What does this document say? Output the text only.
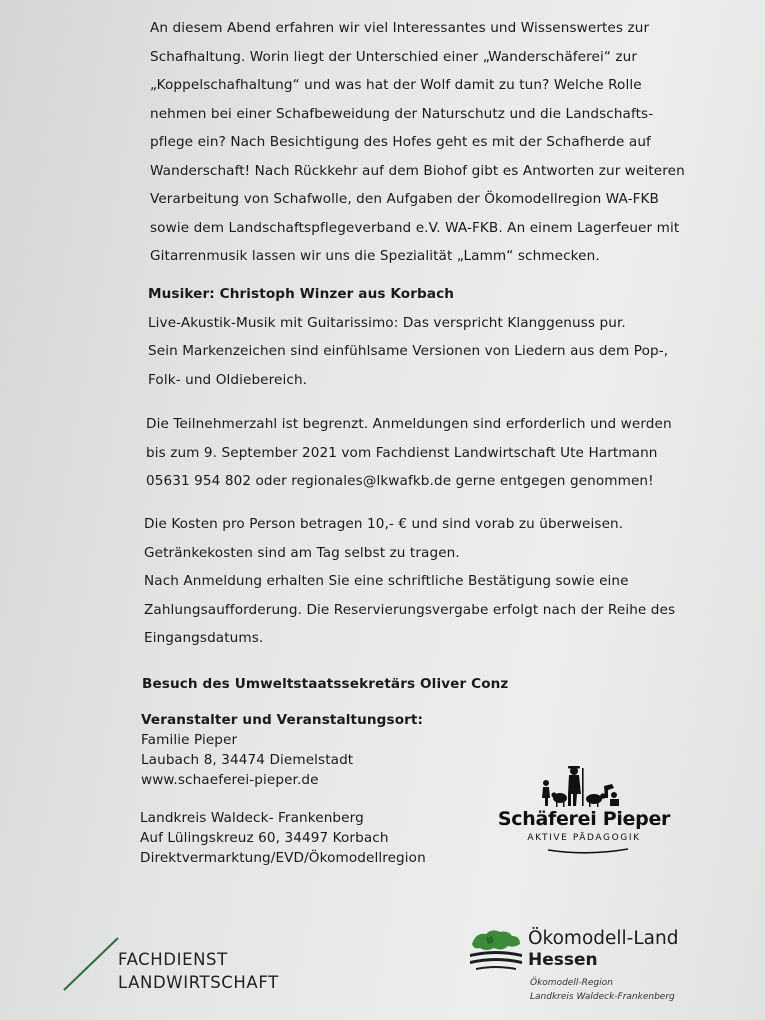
An diesem Abend erfahren wir viel Interessantes und Wissenswertes zur
Schafhaltung. Worin liegt der Unterschied einer „Wanderschäferei“ zur
„Koppelschafhaltung“ und was hat der Wolf damit zu tun? Welche Rolle
nehmen bei einer Schafbeweidung der Naturschutz und die Landschafts-
pflege ein? Nach Besichtigung des Hofes geht es mit der Schafherde auf
Wanderschaft! Nach Rückkehr auf dem Biohof gibt es Antworten zur weiteren
Verarbeitung von Schafwolle, den Aufgaben der Ökomodellregion WA-FKB
sowie dem Landschaftspflegeverband e.V. WA-FKB. An einem Lagerfeuer mit
Gitarrenmusik lassen wir uns die Spezialität „Lamm“ schmecken.
Musiker: Christoph Winzer aus Korbach
Live-Akustik-Musik mit Guitarissimo: Das verspricht Klanggenuss pur.
Sein Markenzeichen sind einfühlsame Versionen von Liedern aus dem Pop-,
Folk- und Oldiebereich.
Die Teilnehmerzahl ist begrenzt. Anmeldungen sind erforderlich und werden
bis zum 9. September 2021 vom Fachdienst Landwirtschaft Ute Hartmann
05631 954 802 oder regionales@lkwafkb.de gerne entgegen genommen!
Die Kosten pro Person betragen 10,- € und sind vorab zu überweisen.
Getränkekosten sind am Tag selbst zu tragen.
Nach Anmeldung erhalten Sie eine schriftliche Bestätigung sowie eine
Zahlungsaufforderung. Die Reservierungsvergabe erfolgt nach der Reihe des
Eingangsdatums.
Besuch des Umweltstaatssekretärs Oliver Conz
Veranstalter und Veranstaltungsort:
Familie Pieper
Laubach 8, 34474 Diemelstadt
www.schaeferei-pieper.de
Landkreis Waldeck- Frankenberg
Auf Lülingskreuz 60, 34497 Korbach
Direktvermarktung/EVD/Ökomodellregion
Schäferei Pieper
AKTIVE PÄDAGOGIK
FACHDIENST
LANDWIRTSCHAFT
Ökomodell-Land
Hessen
Ökomodell-Region
Landkreis Waldeck-Frankenberg
